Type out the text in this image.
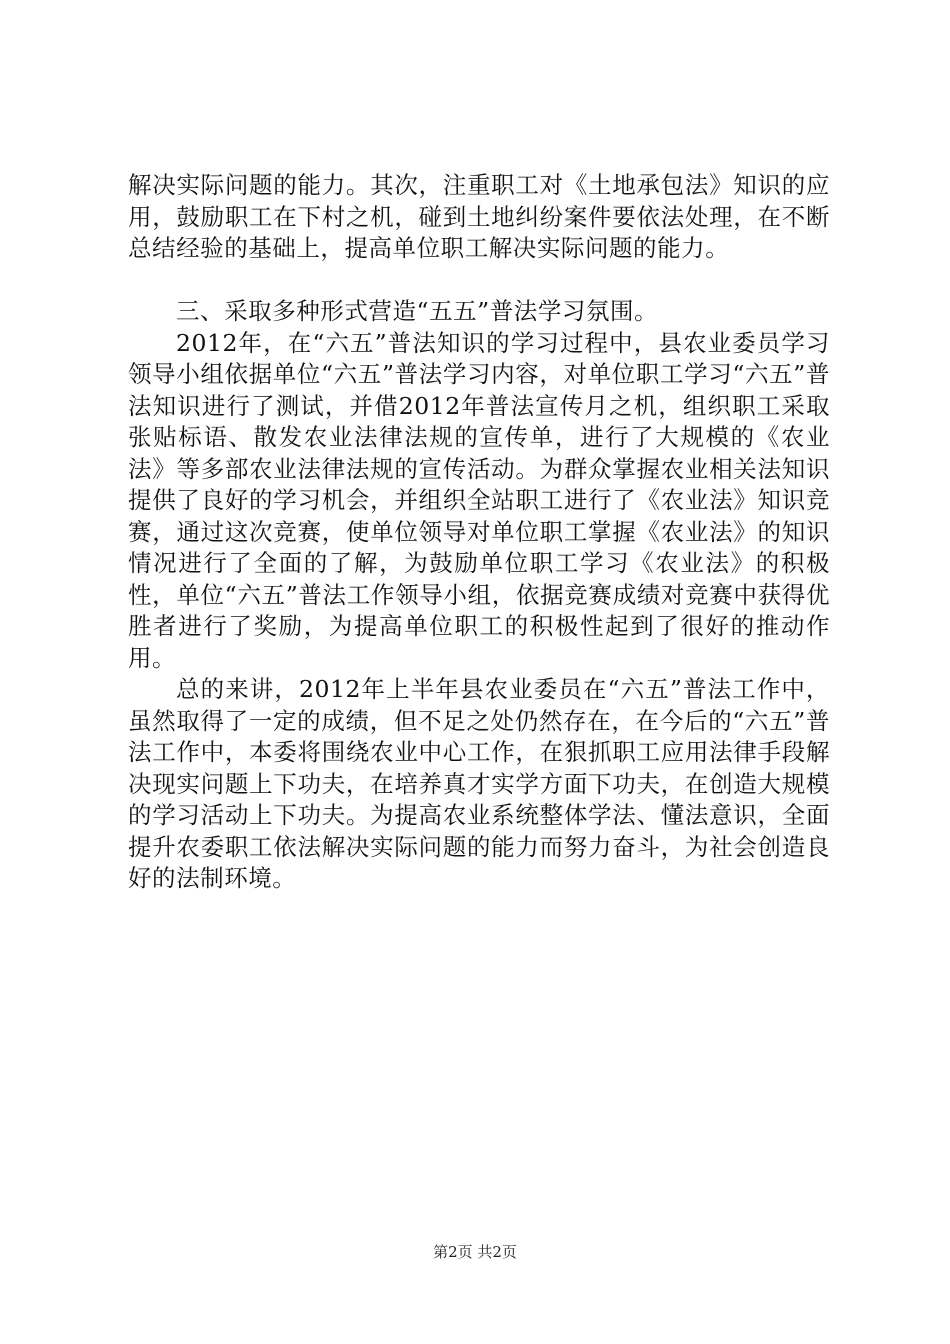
解决实际问题的能力。其次，注重职工对《土地承包法》知识的应用，鼓励职工在下村之机，碰到土地纠纷案件要依法处理，在不断总结经验的基础上，提高单位职工解决实际问题的能力。

三、采取多种形式营造“五五”普法学习氛围。

2012年，在“六五”普法知识的学习过程中，县农业委员学习领导小组依据单位“六五”普法学习内容，对单位职工学习“六五”普法知识进行了测试，并借2012年普法宣传月之机，组织职工采取张贴标语、散发农业法律法规的宣传单，进行了大规模的《农业法》等多部农业法律法规的宣传活动。为群众掌握农业相关法知识提供了良好的学习机会，并组织全站职工进行了《农业法》知识竞赛，通过这次竞赛，使单位领导对单位职工掌握《农业法》的知识情况进行了全面的了解，为鼓励单位职工学习《农业法》的积极性，单位“六五”普法工作领导小组，依据竞赛成绩对竞赛中获得优胜者进行了奖励，为提高单位职工的积极性起到了很好的推动作用。

总的来讲，2012年上半年县农业委员在“六五”普法工作中，虽然取得了一定的成绩，但不足之处仍然存在，在今后的“六五”普法工作中，本委将围绕农业中心工作，在狠抓职工应用法律手段解决现实问题上下功夫，在培养真才实学方面下功夫，在创造大规模的学习活动上下功夫。为提高农业系统整体学法、懂法意识，全面提升农委职工依法解决实际问题的能力而努力奋斗，为社会创造良好的法制环境。

第2页 共2页
